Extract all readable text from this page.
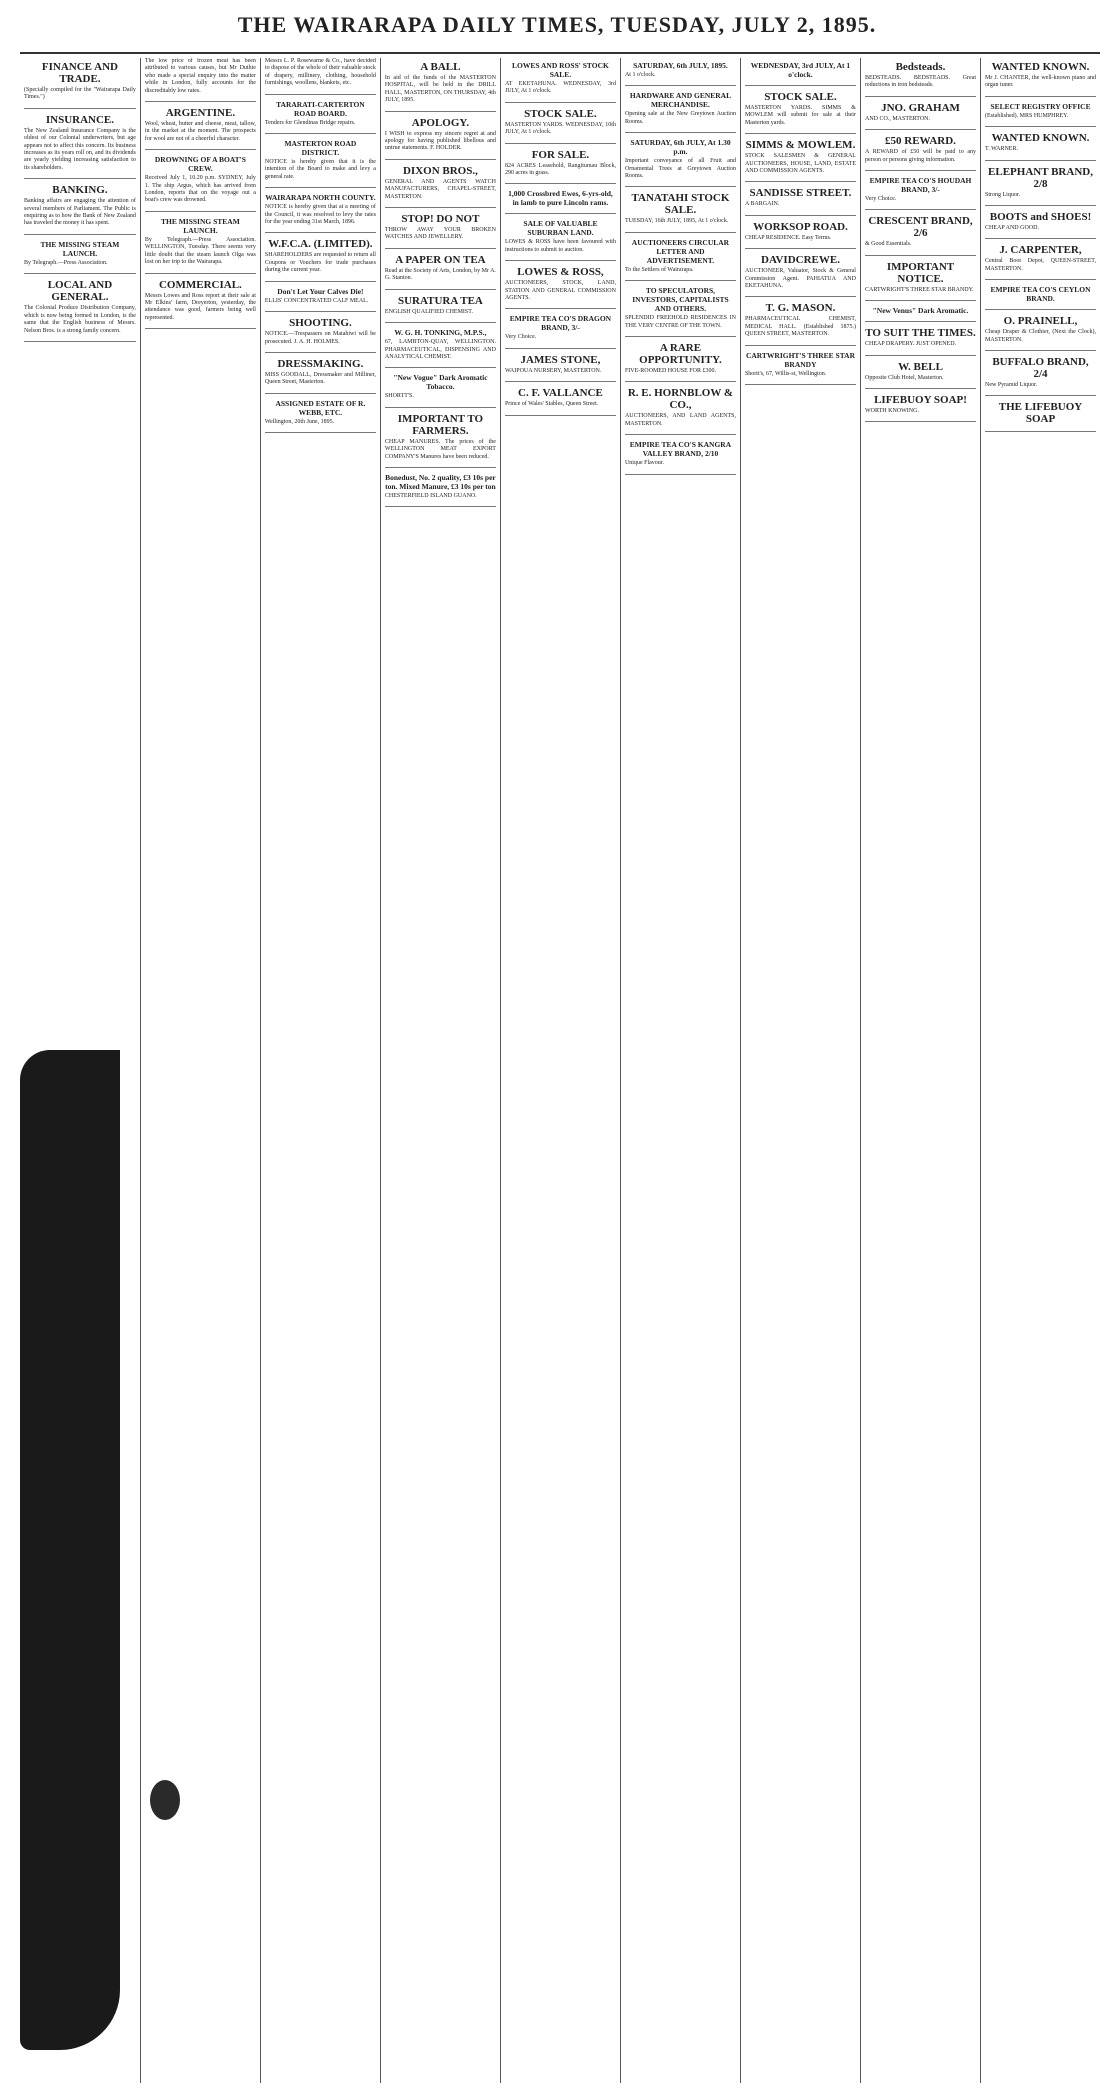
THE WAIRARAPA DAILY TIMES, TUESDAY, JULY 2, 1895.
FINANCE AND TRADE.
(Specially compiled for the "Wairarapa Daily Times.")
INSURANCE.
The New Zealand Insurance Company is the oldest of our Colonial underwriters, but age appears not to affect this concern. Its business increases as its years roll on, and its dividends are yearly yielding increasing satisfaction to its shareholders.
BANKING.
Banking affairs are engaging the attention of several members of Parliament. The Public is enquiring as to how the Bank of New Zealand has traveled the money it has spent.
THE MISSING STEAM LAUNCH.
By Telegraph.—Press Association.
LOCAL AND GENERAL.
The Colonial Produce Distribution Company, which is now being formed in London, is the same that the English business of Messrs. Nelson Bros. is a strong family concern.
The low price of frozen meat has been attributed to various causes, but Mr Duthie who made a special enquiry into the matter while in London, fully accounts for the discreditably low rates.
ARGENTINE.
Wool, wheat, butter and cheese, meat, tallow, in the market at the moment. The prospects for wool are not of a cheerful character.
DROWNING OF A BOAT'S CREW.
Received July 1, 10.20 p.m. SYDNEY, July 1. The ship Argus, which has arrived from London, reports that on the voyage out a boat's crew was drowned.
THE MISSING STEAM LAUNCH.
By Telegraph.—Press Association. WELLINGTON, Tuesday. There seems very little doubt that the steam launch Olga was lost on her trip to the Wairarapa.
COMMERCIAL.
Messrs Lowes and Ross report at their sale at Mr Elkins' farm, Dreyerton, yesterday, the attendance was good, farmers being well represented.
Messrs L. P. Rosewarne & Co., have decided to dispose of the whole of their valuable stock of drapery, millinery, clothing, household furnishings, woollens, blankets, etc.
TARARATI-CARTERTON ROAD BOARD.
Tenders for Glendinas Bridge repairs.
MASTERTON ROAD DISTRICT.
NOTICE is hereby given that it is the intention of the Board to make and levy a general rate.
WAIRARAPA NORTH COUNTY.
NOTICE is hereby given that at a meeting of the Council, it was resolved to levy the rates for the year ending 31st March, 1896.
W.F.C.A. (LIMITED).
SHAREHOLDERS are requested to return all Coupons or Vouchers for trade purchases during the current year.
Don't Let Your Calves Die!
ELLIS' CONCENTRATED CALF MEAL.
SHOOTING.
NOTICE.—Trespassers on Matahiwi will be prosecuted. J. A. H. HOLMES.
DRESSMAKING.
MISS GOODALL, Dressmaker and Milliner, Queen Street, Masterton.
ASSIGNED ESTATE OF R. WEBB, ETC.
Wellington, 20th June, 1895.
A BALL
In aid of the funds of the MASTERTON HOSPITAL, will be held in the DRILL HALL, MASTERTON, ON THURSDAY, 4th JULY, 1895.
APOLOGY.
I WISH to express my sincere regret at and apology for having published libellous and untrue statements. F. HOLDER.
DIXON BROS.,
GENERAL AND AGENTS WATCH MANUFACTURERS, CHAPEL-STREET, MASTERTON.
STOP! DO NOT
THROW AWAY YOUR BROKEN WATCHES AND JEWELLERY.
A PAPER ON TEA
Read at the Society of Arts, London, by Mr A. G. Stanton.
SURATURA TEA
ENGLISH QUALIFIED CHEMIST.
W. G. H. TONKING, M.P.S.,
67, LAMBTON-QUAY, WELLINGTON. PHARMACEUTICAL, DISPENSING AND ANALYTICAL CHEMIST.
"New Vogue" Dark Aromatic Tobacco.
SHORTT'S.
IMPORTANT TO FARMERS.
CHEAP MANURES. The prices of the WELLINGTON MEAT EXPORT COMPANY'S Manures have been reduced.
Bonedust, No. 2 quality, £3 10s per ton. Mixed Manure, £3 10s per ton
CHESTERFIELD ISLAND GUANO.
LOWES AND ROSS' STOCK SALE.
AT EKETAHUNA. WEDNESDAY, 3rd JULY, At 1 o'clock.
STOCK SALE.
MASTERTON YARDS. WEDNESDAY, 10th JULY, At 1 o'clock.
FOR SALE.
824 ACRES Leasehold, Rangitumau Block, 290 acres in grass.
1,000 Crossbred Ewes, 6-yrs-old, in lamb to pure Lincoln rams.
SALE OF VALUABLE SUBURBAN LAND.
LOWES & ROSS have been favoured with instructions to submit to auction.
LOWES & ROSS,
AUCTIONEERS, STOCK, LAND, STATION AND GENERAL COMMISSION AGENTS.
EMPIRE TEA CO'S DRAGON BRAND, 3/-
Very Choice.
JAMES STONE,
WAIPOUA NURSERY, MASTERTON.
C. F. VALLANCE
Prince of Wales' Stables, Queen Street.
SATURDAY, 6th JULY, 1895.
At 1 o'clock.
HARDWARE AND GENERAL MERCHANDISE.
Opening sale at the New Greytown Auction Rooms.
SATURDAY, 6th JULY, At 1.30 p.m.
Important conveyance of all Fruit and Ornamental Trees at Greytown Auction Rooms.
TANATAHI STOCK SALE.
TUESDAY, 16th JULY, 1895, At 1 o'clock.
AUCTIONEERS CIRCULAR LETTER AND ADVERTISEMENT.
To the Settlers of Wairarapa.
TO SPECULATORS, INVESTORS, CAPITALISTS AND OTHERS.
SPLENDID FREEHOLD RESIDENCES IN THE VERY CENTRE OF THE TOWN.
A RARE OPPORTUNITY.
FIVE-ROOMED HOUSE FOR £300.
R. E. HORNBLOW & CO.,
AUCTIONEERS, AND LAND AGENTS, MASTERTON.
EMPIRE TEA CO'S KANGRA VALLEY BRAND, 2/10
Unique Flavour.
WEDNESDAY, 3rd JULY, At 1 o'clock.
STOCK SALE.
MASTERTON YARDS. SIMMS & MOWLEM will submit for sale at their Masterton yards.
SIMMS & MOWLEM.
STOCK SALESMEN & GENERAL AUCTIONEERS, HOUSE, LAND, ESTATE AND COMMISSION AGENTS.
SANDISSE STREET.
A BARGAIN.
WORKSOP ROAD.
CHEAP RESIDENCE. Easy Terms.
DAVIDCREWE.
AUCTIONEER, Valuator, Stock & General Commission Agent. PAHIATUA AND EKETAHUNA.
T. G. MASON.
PHARMACEUTICAL CHEMIST, MEDICAL HALL. (Established 1875.) QUEEN STREET, MASTERTON.
CARTWRIGHT'S THREE STAR BRANDY
Shortt's, 67, Willis-st, Wellington.
Bedsteads.
BEDSTEADS. BEDSTEADS. Great reductions in iron bedsteads.
JNO. GRAHAM
AND CO., MASTERTON.
£50 REWARD.
A REWARD of £50 will be paid to any person or persons giving information.
EMPIRE TEA CO'S HOUDAH BRAND, 3/-
Very Choice.
CRESCENT BRAND, 2/6
& Good Essentials.
IMPORTANT NOTICE.
CARTWRIGHT'S THREE STAR BRANDY.
"New Venus" Dark Aromatic.
TO SUIT THE TIMES.
CHEAP DRAPERY. JUST OPENED.
W. BELL
Opposite Club Hotel, Masterton.
LIFEBUOY SOAP!
WORTH KNOWING.
WANTED KNOWN.
Mr J. CHANTER, the well-known piano and organ tuner.
SELECT REGISTRY OFFICE
(Established). MRS HUMPHREY.
WANTED KNOWN.
T. WARNER.
ELEPHANT BRAND, 2/8
Strong Liquor.
BOOTS and SHOES!
CHEAP AND GOOD.
J. CARPENTER,
Central Boot Depot, QUEEN-STREET, MASTERTON.
EMPIRE TEA CO'S CEYLON BRAND.
O. PRAINELL,
Cheap Draper & Clothier, (Next the Clock), MASTERTON.
BUFFALO BRAND, 2/4
New Pyramid Liquor.
THE LIFEBUOY SOAP
